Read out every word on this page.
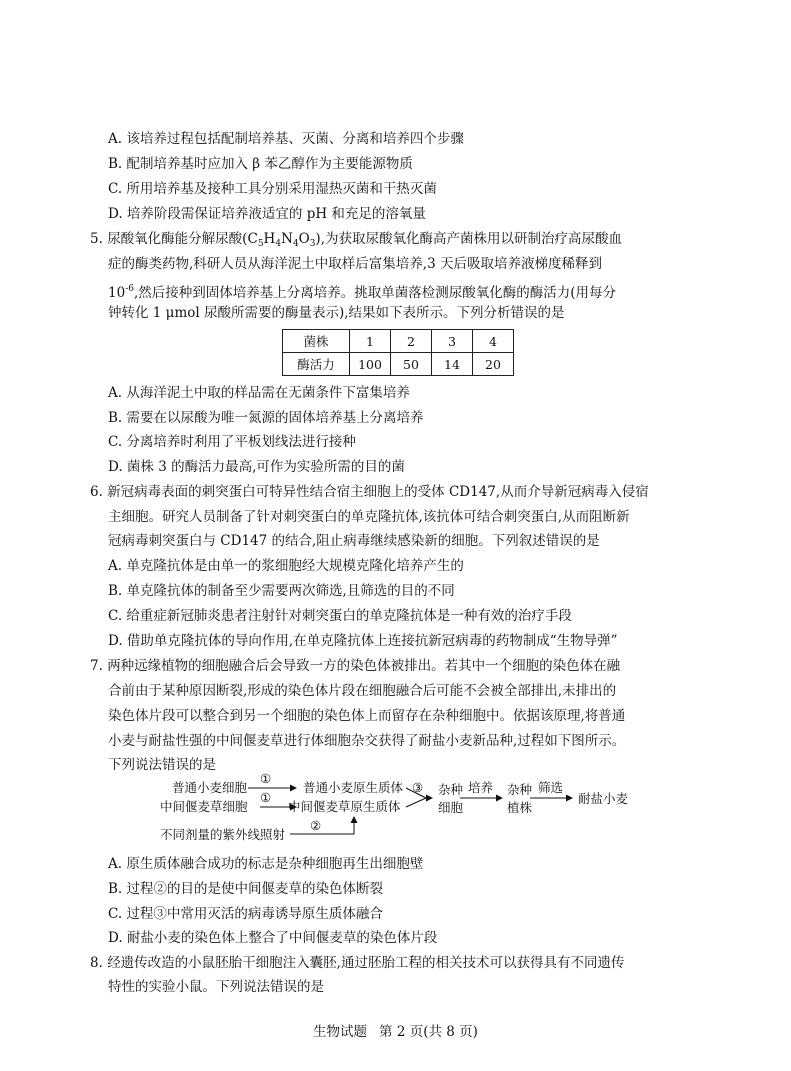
A. 该培养过程包括配制培养基、灭菌、分离和培养四个步骤
B. 配制培养基时应加入 β 苯乙醇作为主要能源物质
C. 所用培养基及接种工具分别采用湿热灭菌和干热灭菌
D. 培养阶段需保证培养液适宜的 pH 和充足的溶氧量
5. 尿酸氧化酶能分解尿酸$(C_5H_4N_4O_3)$,为获取尿酸氧化酶高产菌株用以研制治疗高尿酸血
症的酶类药物,科研人员从海洋泥土中取样后富集培养,3 天后吸取培养液梯度稀释到
$10^{-6}$,然后接种到固体培养基上分离培养。挑取单菌落检测尿酸氧化酶的酶活力(用每分
钟转化 1 μmol 尿酸所需要的酶量表示),结果如下表所示。下列分析错误的是
菌株	1	2	3	4
酶活力	100	50	14	20
A. 从海洋泥土中取的样品需在无菌条件下富集培养
B. 需要在以尿酸为唯一氮源的固体培养基上分离培养
C. 分离培养时利用了平板划线法进行接种
D. 菌株 3 的酶活力最高,可作为实验所需的目的菌
6. 新冠病毒表面的刺突蛋白可特异性结合宿主细胞上的受体 CD147,从而介导新冠病毒入侵宿
主细胞。研究人员制备了针对刺突蛋白的单克隆抗体,该抗体可结合刺突蛋白,从而阻断新
冠病毒刺突蛋白与 CD147 的结合,阻止病毒继续感染新的细胞。下列叙述错误的是
A. 单克隆抗体是由单一的浆细胞经大规模克隆化培养产生的
B. 单克隆抗体的制备至少需要两次筛选,且筛选的目的不同
C. 给重症新冠肺炎患者注射针对刺突蛋白的单克隆抗体是一种有效的治疗手段
D. 借助单克隆抗体的导向作用,在单克隆抗体上连接抗新冠病毒的药物制成“生物导弹”
7. 两种远缘植物的细胞融合后会导致一方的染色体被排出。若其中一个细胞的染色体在融
合前由于某种原因断裂,形成的染色体片段在细胞融合后可能不会被全部排出,未排出的
染色体片段可以整合到另一个细胞的染色体上而留存在杂种细胞中。依据该原理,将普通
小麦与耐盐性强的中间偃麦草进行体细胞杂交获得了耐盐小麦新品种,过程如下图所示。
下列说法错误的是
普通小麦细胞
中间偃麦草细胞
①
①
普通小麦原生质体
中间偃麦草原生质体
不同剂量的紫外线照射
②
③ 杂种
细胞
培养 杂种
植株
筛选
耐盐小麦
A. 原生质体融合成功的标志是杂种细胞再生出细胞壁
B. 过程②的目的是使中间偃麦草的染色体断裂
C. 过程③中常用灭活的病毒诱导原生质体融合
D. 耐盐小麦的染色体上整合了中间偃麦草的染色体片段
8. 经遗传改造的小鼠胚胎干细胞注入囊胚,通过胚胎工程的相关技术可以获得具有不同遗传
特性的实验小鼠。下列说法错误的是
生物试题 第 2 页(共 8 页)
